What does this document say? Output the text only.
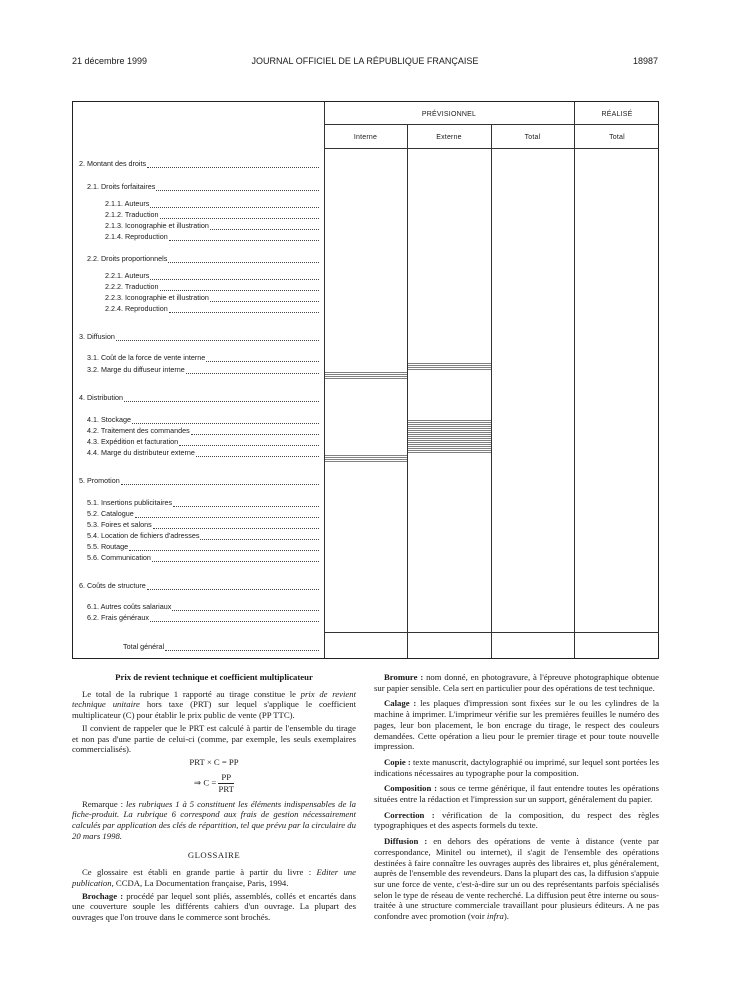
21 décembre 1999	JOURNAL OFFICIEL DE LA RÉPUBLIQUE FRANÇAISE	18987
PRÉVISIONNEL	RÉALISÉ
Interne	Externe	Total	Total
2. Montant des droits
2.1. Droits forfaitaires
2.1.1. Auteurs
2.1.2. Traduction
2.1.3. Iconographie et illustration
2.1.4. Reproduction
2.2. Droits proportionnels
2.2.1. Auteurs
2.2.2. Traduction
2.2.3. Iconographie et illustration
2.2.4. Reproduction
3. Diffusion
3.1. Coût de la force de vente interne
3.2. Marge du diffuseur interne
4. Distribution
4.1. Stockage
4.2. Traitement des commandes
4.3. Expédition et facturation
4.4. Marge du distributeur externe
5. Promotion
5.1. Insertions publicitaires
5.2. Catalogue
5.3. Foires et salons
5.4. Location de fichiers d'adresses
5.5. Routage
5.6. Communication
6. Coûts de structure
6.1. Autres coûts salariaux
6.2. Frais généraux
Total général

Prix de revient technique et coefficient multiplicateur

Le total de la rubrique 1 rapporté au tirage constitue le prix de revient technique unitaire hors taxe (PRT) sur lequel s'applique le coefficient multiplicateur (C) pour établir le prix public de vente (PP TTC).

Il convient de rappeler que le PRT est calculé à partir de l'ensemble du tirage et non pas d'une partie de celui-ci (comme, par exemple, les seuls exemplaires commercialisés).

PRT × C = PP
⇒ $C = \frac{PP}{\text{PRT}}$

Remarque : les rubriques 1 à 5 constituent les éléments indispensables de la fiche-produit. La rubrique 6 correspond aux frais de gestion nécessairement calculés par application des clés de répartition, tel que prévu par la circulaire du 20 mars 1998.

GLOSSAIRE

Ce glossaire est établi en grande partie à partir du livre : Editer une publication, CCDA, La Documentation française, Paris, 1994.

Brochage : procédé par lequel sont pliés, assemblés, collés et encartés dans une couverture souple les différents cahiers d'un ouvrage. La plupart des ouvrages que l'on trouve dans le commerce sont brochés.

Bromure : nom donné, en photogravure, à l'épreuve photographique obtenue sur papier sensible. Cela sert en particulier pour des opérations de test technique.

Calage : les plaques d'impression sont fixées sur le ou les cylindres de la machine à imprimer. L'imprimeur vérifie sur les premières feuilles le numéro des pages, leur bon placement, le bon encrage du tirage, le respect des couleurs demandées. Cette opération a lieu pour le premier tirage et pour toute nouvelle impression.

Copie : texte manuscrit, dactylographié ou imprimé, sur lequel sont portées les indications nécessaires au typographe pour la composition.

Composition : sous ce terme générique, il faut entendre toutes les opérations situées entre la rédaction et l'impression sur un support, généralement du papier.

Correction : vérification de la composition, du respect des règles typographiques et des aspects formels du texte.

Diffusion : en dehors des opérations de vente à distance (vente par correspondance, Minitel ou internet), il s'agit de l'ensemble des opérations destinées à faire connaître les ouvrages auprès des libraires et, plus généralement, auprès de l'ensemble des revendeurs. Dans la plupart des cas, la diffusion s'appuie sur une force de vente, c'est-à-dire sur un ou des représentants parfois spécialisés selon le type de réseau de vente recherché. La diffusion peut être interne ou sous-traitée à une structure commerciale travaillant pour plusieurs éditeurs. A ne pas confondre avec promotion (voir infra).
